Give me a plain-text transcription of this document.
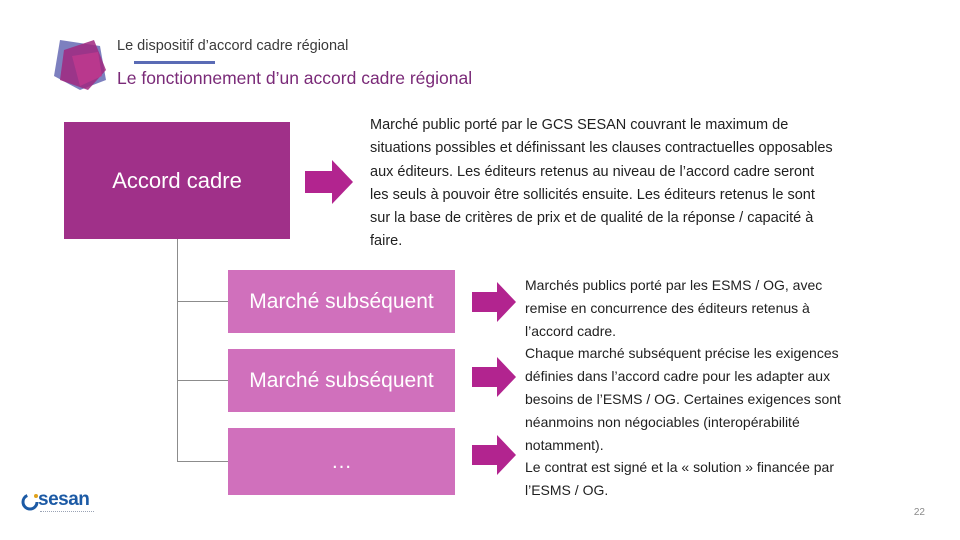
Le dispositif d’accord cadre régional
Le fonctionnement d’un accord cadre régional
Accord cadre
Marché subséquent
Marché subséquent
…
Marché public porté par le GCS SESAN couvrant le maximum de
situations possibles et définissant les clauses contractuelles opposables
aux éditeurs. Les éditeurs retenus au niveau de l’accord cadre seront
les seuls à pouvoir être sollicités ensuite. Les éditeurs retenus le sont
sur la base de critères de prix et de qualité de la réponse / capacité à
faire.
Marchés publics porté par les ESMS / OG, avec
remise en concurrence des éditeurs retenus à
l’accord cadre.
Chaque marché subséquent précise les exigences
définies dans l’accord cadre pour les adapter aux
besoins de l’ESMS / OG. Certaines exigences sont
néanmoins non négociables (interopérabilité
notamment).
Le contrat est signé et la « solution » financée par
l’ESMS / OG.
sesan
22
